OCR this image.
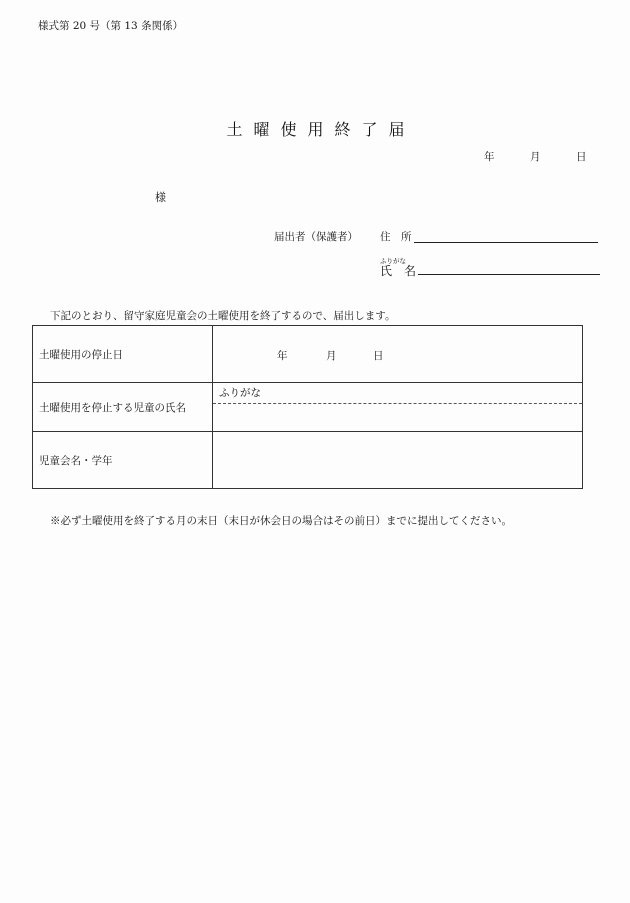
様式第 20 号（第 13 条関係）
土曜使用終了届
年	月	日
様
届出者（保護者） 住　所
ふりがな
氏　名
下記のとおり、留守家庭児童会の土曜使用を終了するので、届出します。
土曜使用の停止日	年 月 日

土曜使用を停止する児童の氏名	ふりがな

児童会名・学年	
※必ず土曜使用を終了する月の末日（末日が休会日の場合はその前日）までに提出してください。
